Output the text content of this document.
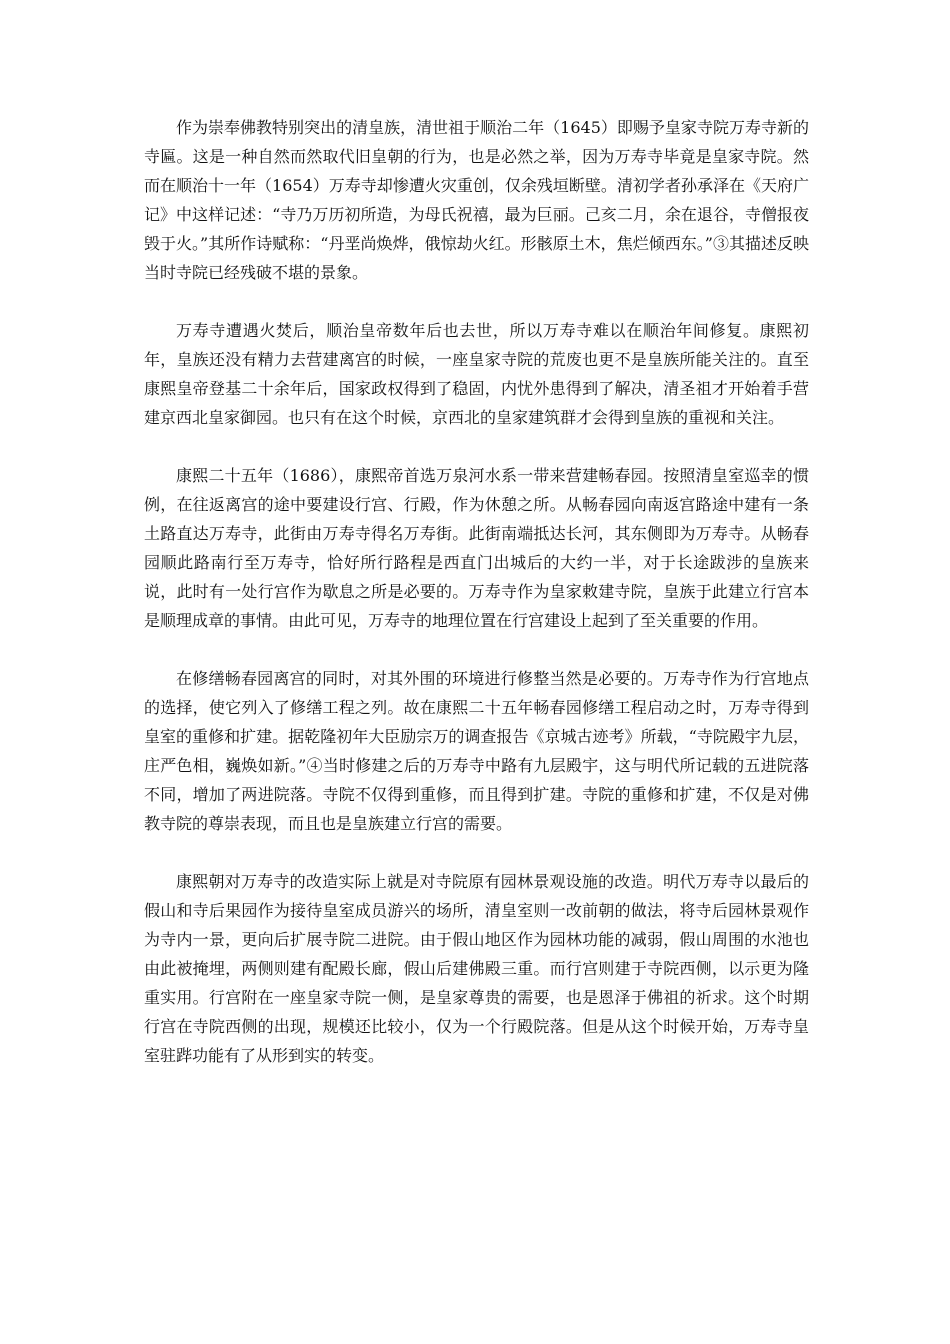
作为崇奉佛教特别突出的清皇族，清世祖于顺治二年（1645）即赐予皇家寺院万寿寺新的寺匾。这是一种自然而然取代旧皇朝的行为，也是必然之举，因为万寿寺毕竟是皇家寺院。然而在顺治十一年（1654）万寿寺却惨遭火灾重创，仅余残垣断壁。清初学者孙承泽在《天府广记》中这样记述：“寺乃万历初所造，为母氏祝禧，最为巨丽。己亥二月，余在退谷，寺僧报夜毁于火。”其所作诗赋称：“丹垩尚焕烨，俄惊劫火红。形骸原土木，焦烂倾西东。”③其描述反映当时寺院已经残破不堪的景象。

万寿寺遭遇火焚后，顺治皇帝数年后也去世，所以万寿寺难以在顺治年间修复。康熙初年，皇族还没有精力去营建离宫的时候，一座皇家寺院的荒废也更不是皇族所能关注的。直至康熙皇帝登基二十余年后，国家政权得到了稳固，内忧外患得到了解决，清圣祖才开始着手营建京西北皇家御园。也只有在这个时候，京西北的皇家建筑群才会得到皇族的重视和关注。

康熙二十五年（1686），康熙帝首选万泉河水系一带来营建畅春园。按照清皇室巡幸的惯例，在往返离宫的途中要建设行宫、行殿，作为休憩之所。从畅春园向南返宫路途中建有一条土路直达万寿寺，此街由万寿寺得名万寿街。此街南端抵达长河，其东侧即为万寿寺。从畅春园顺此路南行至万寿寺，恰好所行路程是西直门出城后的大约一半，对于长途跋涉的皇族来说，此时有一处行宫作为歇息之所是必要的。万寿寺作为皇家敕建寺院，皇族于此建立行宫本是顺理成章的事情。由此可见，万寿寺的地理位置在行宫建设上起到了至关重要的作用。

在修缮畅春园离宫的同时，对其外围的环境进行修整当然是必要的。万寿寺作为行宫地点的选择，使它列入了修缮工程之列。故在康熙二十五年畅春园修缮工程启动之时，万寿寺得到皇室的重修和扩建。据乾隆初年大臣励宗万的调查报告《京城古迹考》所载，“寺院殿宇九层，庄严色相，巍焕如新。”④当时修建之后的万寿寺中路有九层殿宇，这与明代所记载的五进院落不同，增加了两进院落。寺院不仅得到重修，而且得到扩建。寺院的重修和扩建，不仅是对佛教寺院的尊崇表现，而且也是皇族建立行宫的需要。

康熙朝对万寿寺的改造实际上就是对寺院原有园林景观设施的改造。明代万寿寺以最后的假山和寺后果园作为接待皇室成员游兴的场所，清皇室则一改前朝的做法，将寺后园林景观作为寺内一景，更向后扩展寺院二进院。由于假山地区作为园林功能的减弱，假山周围的水池也由此被掩埋，两侧则建有配殿长廊，假山后建佛殿三重。而行宫则建于寺院西侧，以示更为隆重实用。行宫附在一座皇家寺院一侧，是皇家尊贵的需要，也是恩泽于佛祖的祈求。这个时期行宫在寺院西侧的出现，规模还比较小，仅为一个行殿院落。但是从这个时候开始，万寿寺皇室驻跸功能有了从形到实的转变。
